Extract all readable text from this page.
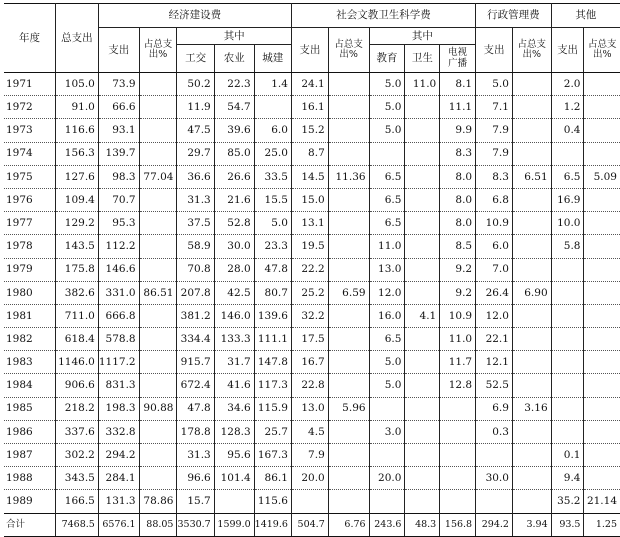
年度	总支出	经济建设费					社会文教卫生科学费					行政管理费		其他	
		支出	占总支出%	其中			支出	占总支出%	其中			支出	占总支出%	支出	占总支出%
				工交	农业	城建			教育	卫生	电视广播				
1971	105.0	73.9		50.2	22.3	1.4	24.1		5.0	11.0	8.1	5.0		2.0	
1972	91.0	66.6		11.9	54.7		16.1		5.0		11.1	7.1		1.2	
1973	116.6	93.1		47.5	39.6	6.0	15.2		5.0		9.9	7.9		0.4	
1974	156.3	139.7		29.7	85.0	25.0	8.7				8.3	7.9			
1975	127.6	98.3	77.04	36.6	26.6	33.5	14.5	11.36	6.5		8.0	8.3	6.51	6.5	5.09
1976	109.4	70.7		31.3	21.6	15.5	15.0		6.5		8.0	6.8		16.9	
1977	129.2	95.3		37.5	52.8	5.0	13.1		6.5		8.0	10.9		10.0	
1978	143.5	112.2		58.9	30.0	23.3	19.5		11.0		8.5	6.0		5.8	
1979	175.8	146.6		70.8	28.0	47.8	22.2		13.0		9.2	7.0			
1980	382.6	331.0	86.51	207.8	42.5	80.7	25.2	6.59	12.0		9.2	26.4	6.90		
1981	711.0	666.8		381.2	146.0	139.6	32.2		16.0	4.1	10.9	12.0			
1982	618.4	578.8		334.4	133.3	111.1	17.5		6.5		11.0	22.1			
1983	1146.0	1117.2		915.7	31.7	147.8	16.7		5.0		11.7	12.1			
1984	906.6	831.3		672.4	41.6	117.3	22.8		5.0		12.8	52.5			
1985	218.2	198.3	90.88	47.8	34.6	115.9	13.0	5.96				6.9	3.16		
1986	337.6	332.8		178.8	128.3	25.7	4.5		3.0			0.3			
1987	302.2	294.2		31.3	95.6	167.3	7.9							0.1	
1988	343.5	284.1		96.6	101.4	86.1	20.0		20.0			30.0		9.4	
1989	166.5	131.3	78.86	15.7		115.6								35.2	21.14
合计	7468.5	6576.1	88.05	3530.7	1599.0	1419.6	504.7	6.76	243.6	48.3	156.8	294.2	3.94	93.5	1.25
